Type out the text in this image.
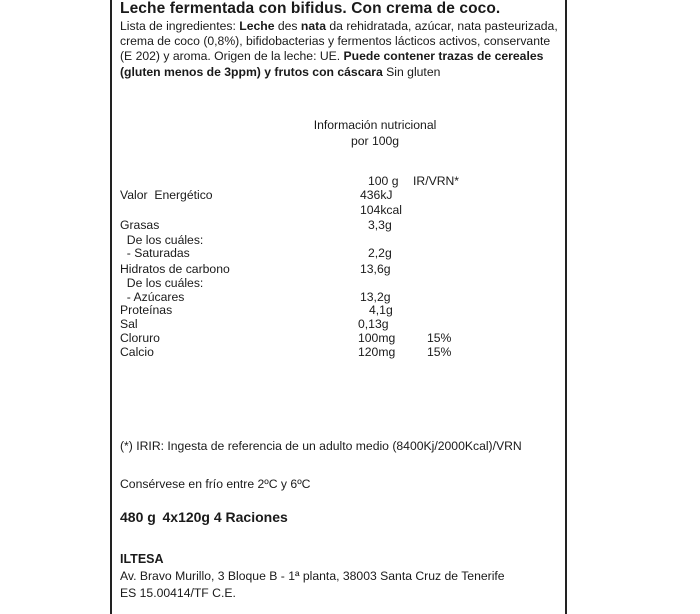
Leche fermentada con bifidus. Con crema de coco.
Lista de ingredientes: Leche des nata da rehidratada, azúcar, nata pasteurizada, crema de coco (0,8%), bifidobacterias y fermentos lácticos activos, conservante (E 202) y aroma. Origen de la leche: UE. Puede contener trazas de cereales (gluten menos de 3ppm) y frutos con cáscara Sin gluten
Información nutricional
por 100g
100 g IR/VRN*
Valor  Energético	436kJ
104kcal
Grasas	3,3g
De los cuáles:
- Saturadas	2,2g
Hidratos de carbono	13,6g
De los cuáles:
- Azúcares	13,2g
Proteínas	4,1g
Sal	0,13g
Cloruro	100mg	15%
Calcio	120mg	15%
(*) IRIR: Ingesta de referencia de un adulto medio (8400Kj/2000Kcal)/VRN
Consérvese en frío entre 2ºC y 6ºC
480 g  4x120g 4 Raciones
ILTESA
Av. Bravo Murillo, 3 Bloque B - 1ª planta, 38003 Santa Cruz de Tenerife
ES 15.00414/TF C.E.
